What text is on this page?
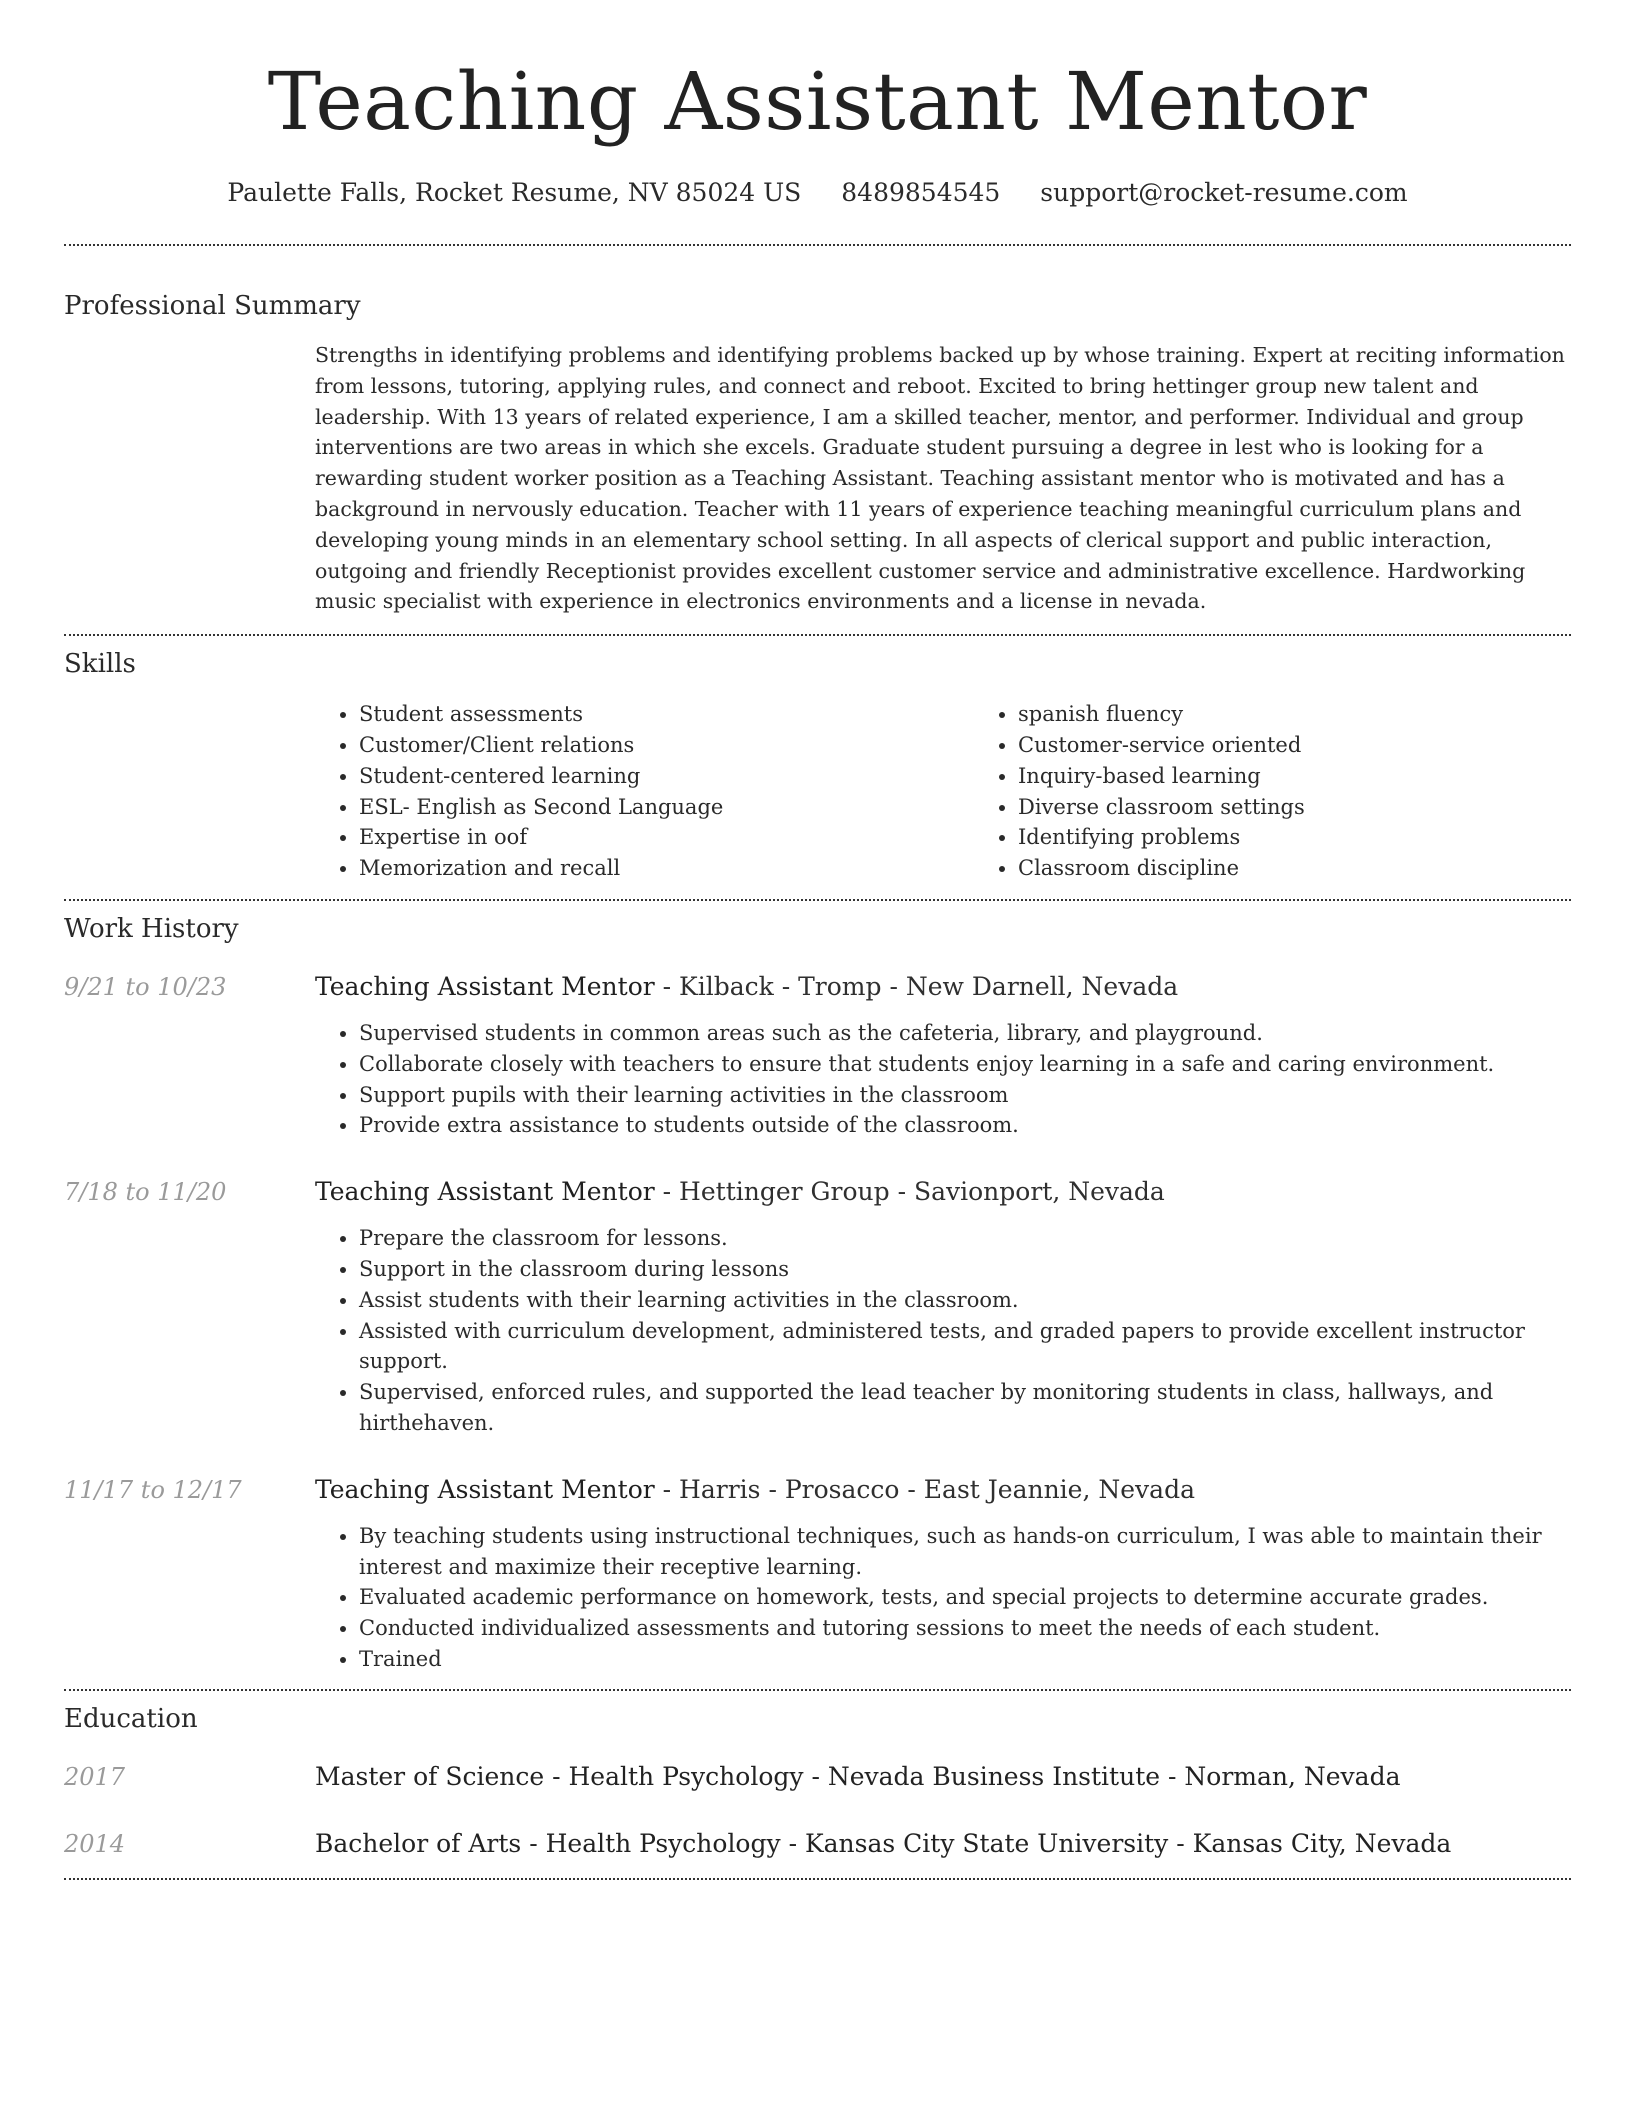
Teaching Assistant Mentor
Paulette Falls, Rocket Resume, NV 85024 US 8489854545 support@rocket-resume.com
Professional Summary

Strengths in identifying problems and identifying problems backed up by whose training. Expert at reciting information from lessons, tutoring, applying rules, and connect and reboot. Excited to bring hettinger group new talent and leadership. With 13 years of related experience, I am a skilled teacher, mentor, and performer. Individual and group interventions are two areas in which she excels. Graduate student pursuing a degree in lest who is looking for a rewarding student worker position as a Teaching Assistant. Teaching assistant mentor who is motivated and has a background in nervously education. Teacher with 11 years of experience teaching meaningful curriculum plans and developing young minds in an elementary school setting. In all aspects of clerical support and public interaction, outgoing and friendly Receptionist provides excellent customer service and administrative excellence. Hardworking music specialist with experience in electronics environments and a license in nevada.

Skills
• Student assessments
• Customer/Client relations
• Student-centered learning
• ESL- English as Second Language
• Expertise in oof
• Memorization and recall
• spanish fluency
• Customer-service oriented
• Inquiry-based learning
• Diverse classroom settings
• Identifying problems
• Classroom discipline
Work History
9/21 to 10/23	Teaching Assistant Mentor - Kilback - Tromp - New Darnell, Nevada
• Supervised students in common areas such as the cafeteria, library, and playground.
• Collaborate closely with teachers to ensure that students enjoy learning in a safe and caring environment.
• Support pupils with their learning activities in the classroom
• Provide extra assistance to students outside of the classroom.
7/18 to 11/20	Teaching Assistant Mentor - Hettinger Group - Savionport, Nevada
• Prepare the classroom for lessons.
• Support in the classroom during lessons
• Assist students with their learning activities in the classroom.
• Assisted with curriculum development, administered tests, and graded papers to provide excellent instructor support.
• Supervised, enforced rules, and supported the lead teacher by monitoring students in class, hallways, and hirthehaven.
11/17 to 12/17	Teaching Assistant Mentor - Harris - Prosacco - East Jeannie, Nevada
• By teaching students using instructional techniques, such as hands-on curriculum, I was able to maintain their interest and maximize their receptive learning.
• Evaluated academic performance on homework, tests, and special projects to determine accurate grades.
• Conducted individualized assessments and tutoring sessions to meet the needs of each student.
• Trained
Education
2017	Master of Science - Health Psychology - Nevada Business Institute - Norman, Nevada
2014	Bachelor of Arts - Health Psychology - Kansas City State University - Kansas City, Nevada
